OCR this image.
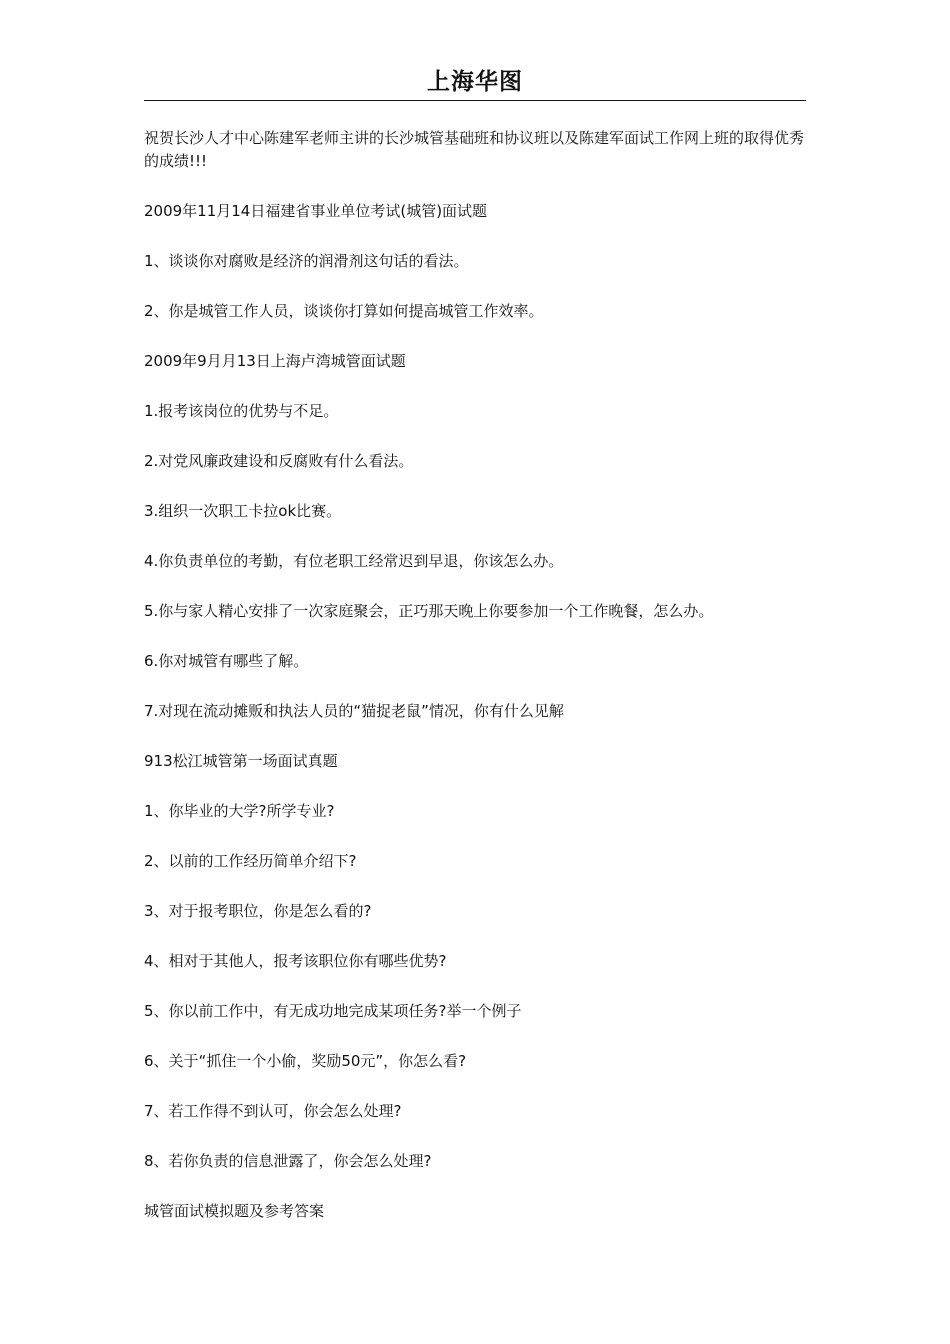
上海华图

祝贺长沙人才中心陈建军老师主讲的长沙城管基础班和协议班以及陈建军面试工作网上班的取得优秀的成绩!!!

2009年11月14日福建省事业单位考试(城管)面试题
1、谈谈你对腐败是经济的润滑剂这句话的看法。
2、你是城管工作人员，谈谈你打算如何提高城管工作效率。
2009年9月月13日上海卢湾城管面试题
1.报考该岗位的优势与不足。
2.对党风廉政建设和反腐败有什么看法。
3.组织一次职工卡拉ok比赛。
4.你负责单位的考勤，有位老职工经常迟到早退，你该怎么办。
5.你与家人精心安排了一次家庭聚会，正巧那天晚上你要参加一个工作晚餐，怎么办。
6.你对城管有哪些了解。
7.对现在流动摊贩和执法人员的“猫捉老鼠”情况，你有什么见解
913松江城管第一场面试真题
1、你毕业的大学?所学专业?
2、以前的工作经历简单介绍下?
3、对于报考职位，你是怎么看的?
4、相对于其他人，报考该职位你有哪些优势?
5、你以前工作中，有无成功地完成某项任务?举一个例子
6、关于“抓住一个小偷，奖励50元”，你怎么看?
7、若工作得不到认可，你会怎么处理?
8、若你负责的信息泄露了，你会怎么处理?
城管面试模拟题及参考答案
